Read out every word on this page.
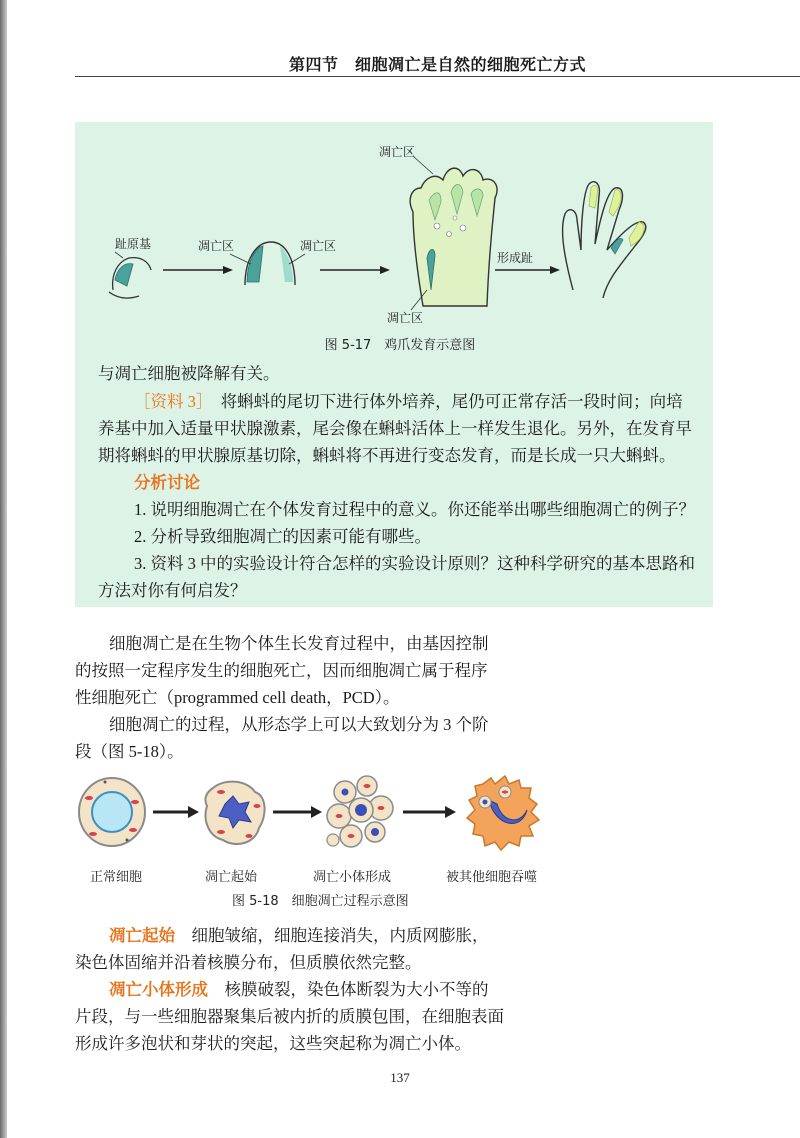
第四节　细胞凋亡是自然的细胞死亡方式
趾原基	凋亡区	凋亡区
凋亡区
凋亡区
形成趾
图 5-17　鸡爪发育示意图
与凋亡细胞被降解有关。
［资料 3］　将蝌蚪的尾切下进行体外培养，尾仍可正常存活一段时间；向培
养基中加入适量甲状腺激素，尾会像在蝌蚪活体上一样发生退化。另外，在发育早
期将蝌蚪的甲状腺原基切除，蝌蚪将不再进行变态发育，而是长成一只大蝌蚪。
分析讨论
1. 说明细胞凋亡在个体发育过程中的意义。你还能举出哪些细胞凋亡的例子？
2. 分析导致细胞凋亡的因素可能有哪些。
3. 资料 3 中的实验设计符合怎样的实验设计原则？这种科学研究的基本思路和
方法对你有何启发？
细胞凋亡是在生物个体生长发育过程中，由基因控制
的按照一定程序发生的细胞死亡，因而细胞凋亡属于程序
性细胞死亡（programmed cell death，PCD）。
细胞凋亡的过程，从形态学上可以大致划分为 3 个阶
段（图 5-18）。
正常细胞	凋亡起始	凋亡小体形成	被其他细胞吞噬
图 5-18　细胞凋亡过程示意图
凋亡起始　细胞皱缩，细胞连接消失，内质网膨胀，
染色体固缩并沿着核膜分布，但质膜依然完整。
凋亡小体形成　核膜破裂，染色体断裂为大小不等的
片段，与一些细胞器聚集后被内折的质膜包围，在细胞表面
形成许多泡状和芽状的突起，这些突起称为凋亡小体。
137
